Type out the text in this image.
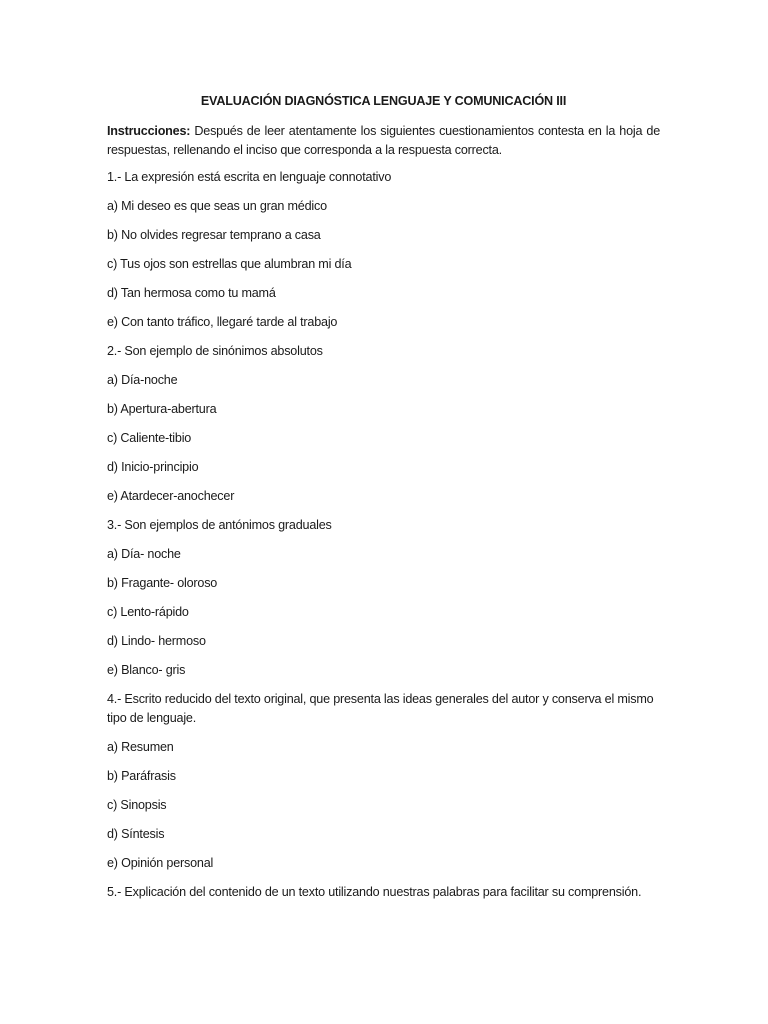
EVALUACIÓN DIAGNÓSTICA LENGUAJE Y COMUNICACIÓN III
Instrucciones: Después de leer atentamente los siguientes cuestionamientos contesta en la hoja de respuestas, rellenando el inciso que corresponda a la respuesta correcta.
1.- La expresión está escrita en lenguaje connotativo
a) Mi deseo es que seas un gran médico
b) No olvides regresar temprano a casa
c) Tus ojos son estrellas que alumbran mi día
d) Tan hermosa como tu mamá
e) Con tanto tráfico, llegaré tarde al trabajo
2.- Son ejemplo de sinónimos absolutos
a) Día-noche
b) Apertura-abertura
c) Caliente-tibio
d) Inicio-principio
e) Atardecer-anochecer
3.- Son ejemplos de antónimos graduales
a) Día- noche
b) Fragante- oloroso
c) Lento-rápido
d) Lindo- hermoso
e) Blanco- gris
4.- Escrito reducido del texto original, que presenta las ideas generales del autor y conserva el mismo tipo de lenguaje.
a) Resumen
b) Paráfrasis
c) Sinopsis
d) Síntesis
e) Opinión personal
5.- Explicación del contenido de un texto utilizando nuestras palabras para facilitar su comprensión.
